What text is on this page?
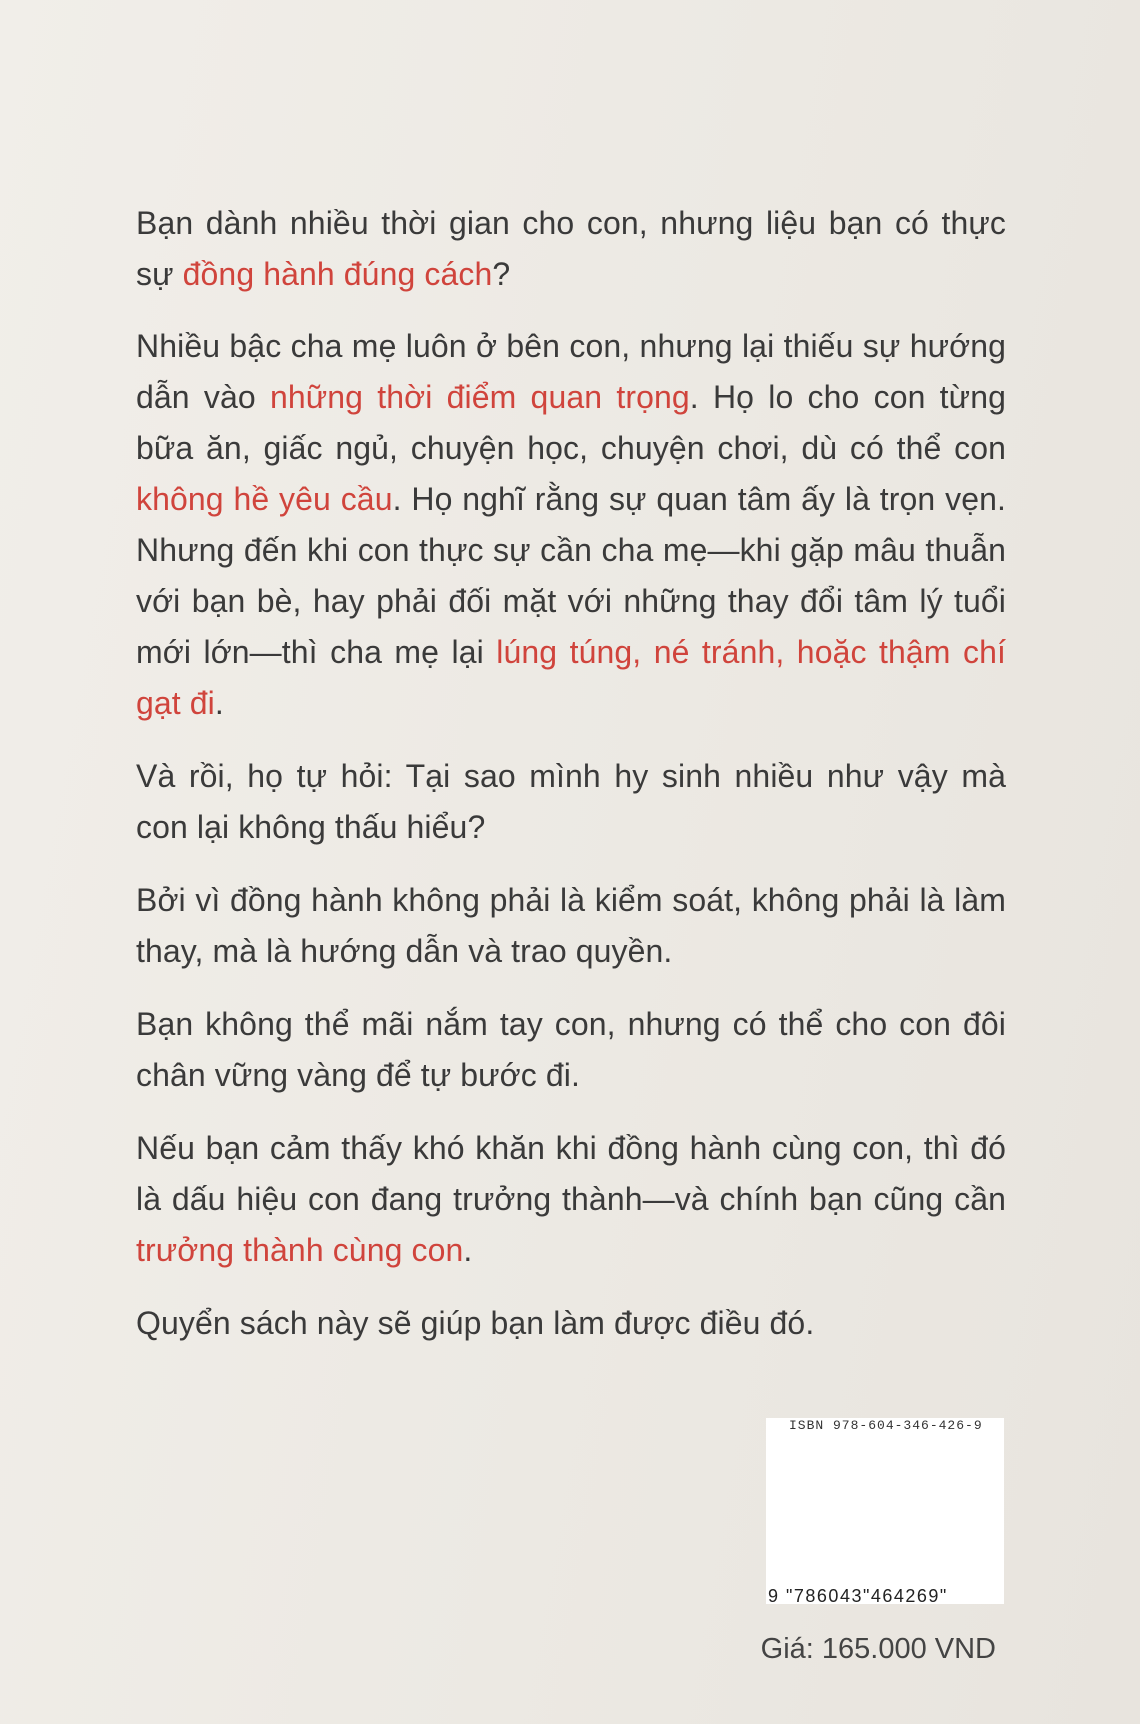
Bạn dành nhiều thời gian cho con, nhưng liệu bạn có thực sự đồng hành đúng cách?

Nhiều bậc cha mẹ luôn ở bên con, nhưng lại thiếu sự hướng dẫn vào những thời điểm quan trọng. Họ lo cho con từng bữa ăn, giấc ngủ, chuyện học, chuyện chơi, dù có thể con không hề yêu cầu. Họ nghĩ rằng sự quan tâm ấy là trọn vẹn. Nhưng đến khi con thực sự cần cha mẹ—khi gặp mâu thuẫn với bạn bè, hay phải đối mặt với những thay đổi tâm lý tuổi mới lớn—thì cha mẹ lại lúng túng, né tránh, hoặc thậm chí gạt đi.

Và rồi, họ tự hỏi: Tại sao mình hy sinh nhiều như vậy mà con lại không thấu hiểu?

Bởi vì đồng hành không phải là kiểm soát, không phải là làm thay, mà là hướng dẫn và trao quyền.

Bạn không thể mãi nắm tay con, nhưng có thể cho con đôi chân vững vàng để tự bước đi.

Nếu bạn cảm thấy khó khăn khi đồng hành cùng con, thì đó là dấu hiệu con đang trưởng thành—và chính bạn cũng cần trưởng thành cùng con.

Quyển sách này sẽ giúp bạn làm được điều đó.

ISBN 978-604-346-426-9
9 "786043"464269"
Giá: 165.000 VND
